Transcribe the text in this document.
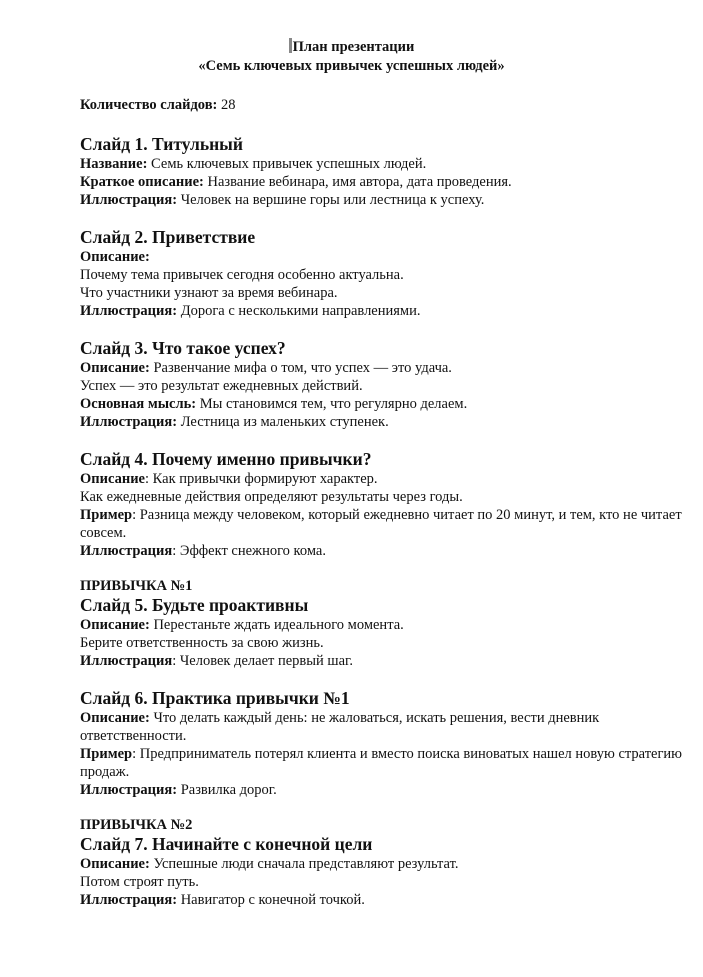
План презентации
«Семь ключевых привычек успешных людей»
Количество слайдов: 28
Слайд 1. Титульный
Название: Семь ключевых привычек успешных людей.
Краткое описание: Название вебинара, имя автора, дата проведения.
Иллюстрация: Человек на вершине горы или лестница к успеху.
Слайд 2. Приветствие
Описание:
Почему тема привычек сегодня особенно актуальна.
Что участники узнают за время вебинара.
Иллюстрация: Дорога с несколькими направлениями.
Слайд 3. Что такое успех?
Описание: Развенчание мифа о том, что успех — это удача.
Успех — это результат ежедневных действий.
Основная мысль: Мы становимся тем, что регулярно делаем.
Иллюстрация: Лестница из маленьких ступенек.
Слайд 4. Почему именно привычки?
Описание: Как привычки формируют характер.
Как ежедневные действия определяют результаты через годы.
Пример: Разница между человеком, который ежедневно читает по 20 минут, и тем, кто не читает совсем.
Иллюстрация: Эффект снежного кома.
ПРИВЫЧКА №1
Слайд 5. Будьте проактивны
Описание: Перестаньте ждать идеального момента.
Берите ответственность за свою жизнь.
Иллюстрация: Человек делает первый шаг.
Слайд 6. Практика привычки №1
Описание: Что делать каждый день: не жаловаться, искать решения, вести дневник ответственности.
Пример: Предприниматель потерял клиента и вместо поиска виноватых нашел новую стратегию продаж.
Иллюстрация: Развилка дорог.
ПРИВЫЧКА №2
Слайд 7. Начинайте с конечной цели
Описание: Успешные люди сначала представляют результат.
Потом строят путь.
Иллюстрация: Навигатор с конечной точкой.
